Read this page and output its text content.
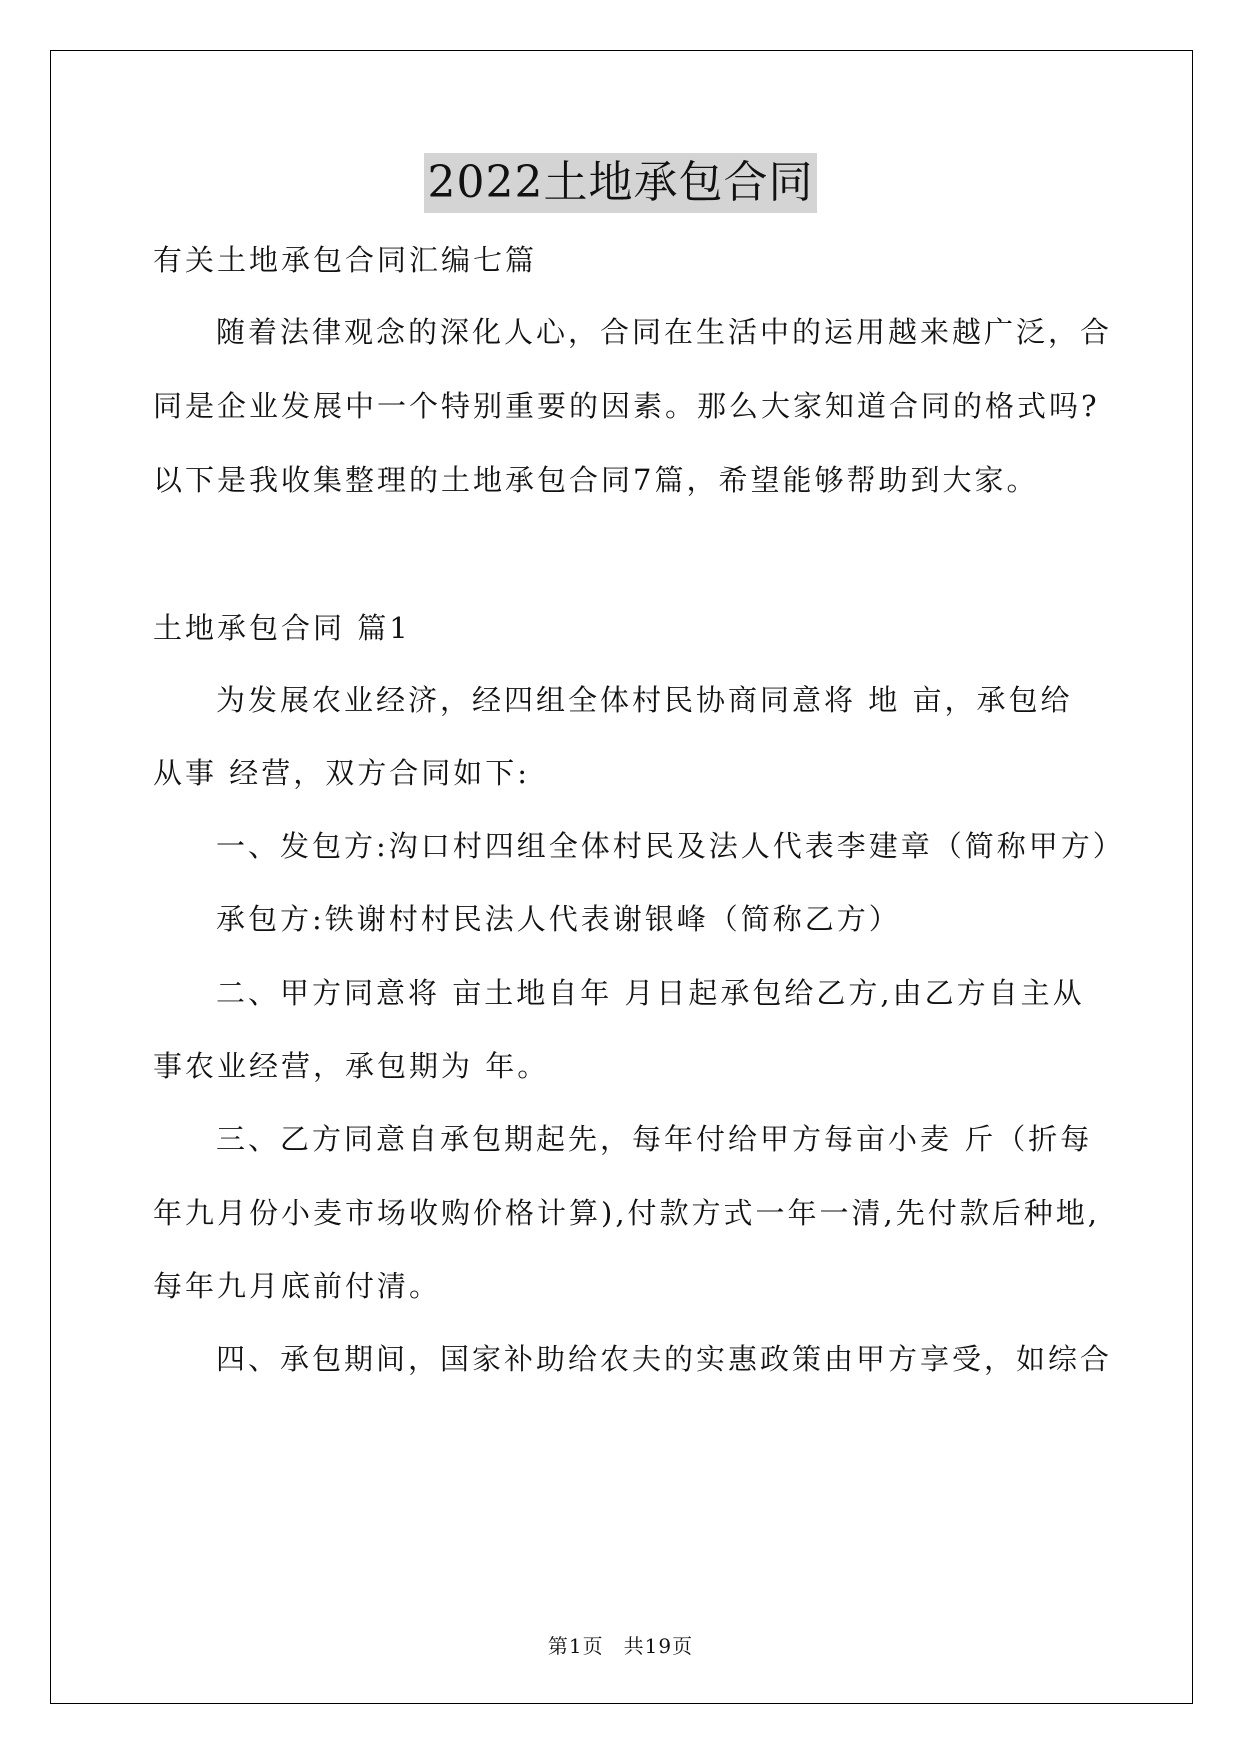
2022土地承包合同
有关土地承包合同汇编七篇
随着法律观念的深化人心，合同在生活中的运用越来越广泛，合
同是企业发展中一个特别重要的因素。那么大家知道合同的格式吗?
以下是我收集整理的土地承包合同7篇，希望能够帮助到大家。
土地承包合同 篇1
为发展农业经济，经四组全体村民协商同意将 地 亩，承包给
从事 经营，双方合同如下:
一、发包方:沟口村四组全体村民及法人代表李建章（简称甲方）
承包方:铁谢村村民法人代表谢银峰（简称乙方）
二、甲方同意将 亩土地自年 月日起承包给乙方,由乙方自主从
事农业经营，承包期为 年。
三、乙方同意自承包期起先，每年付给甲方每亩小麦 斤（折每
年九月份小麦市场收购价格计算),付款方式一年一清,先付款后种地,
每年九月底前付清。
四、承包期间，国家补助给农夫的实惠政策由甲方享受，如综合
第1页 共19页
